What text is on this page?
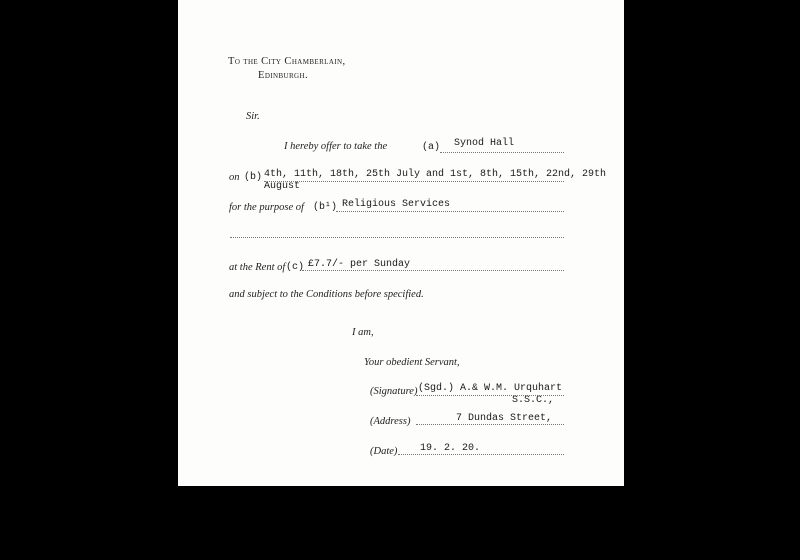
To the City Chamberlain,
Edinburgh.
Sir.
I hereby offer to take the	(a) Synod Hall
on (b) 4th, 11th, 18th, 25th July and 1st, 8th, 15th, 22nd, 29th
August
for the purpose of (b¹) Religious Services
at the Rent of (c) £7.7/- per Sunday
and subject to the Conditions before specified.
I am,
Your obedient Servant,
(Signature) (Sgd.) A.& W.M. Urquhart
S.S.C.,
(Address)	7 Dundas Street,
(Date) 19. 2. 20.
